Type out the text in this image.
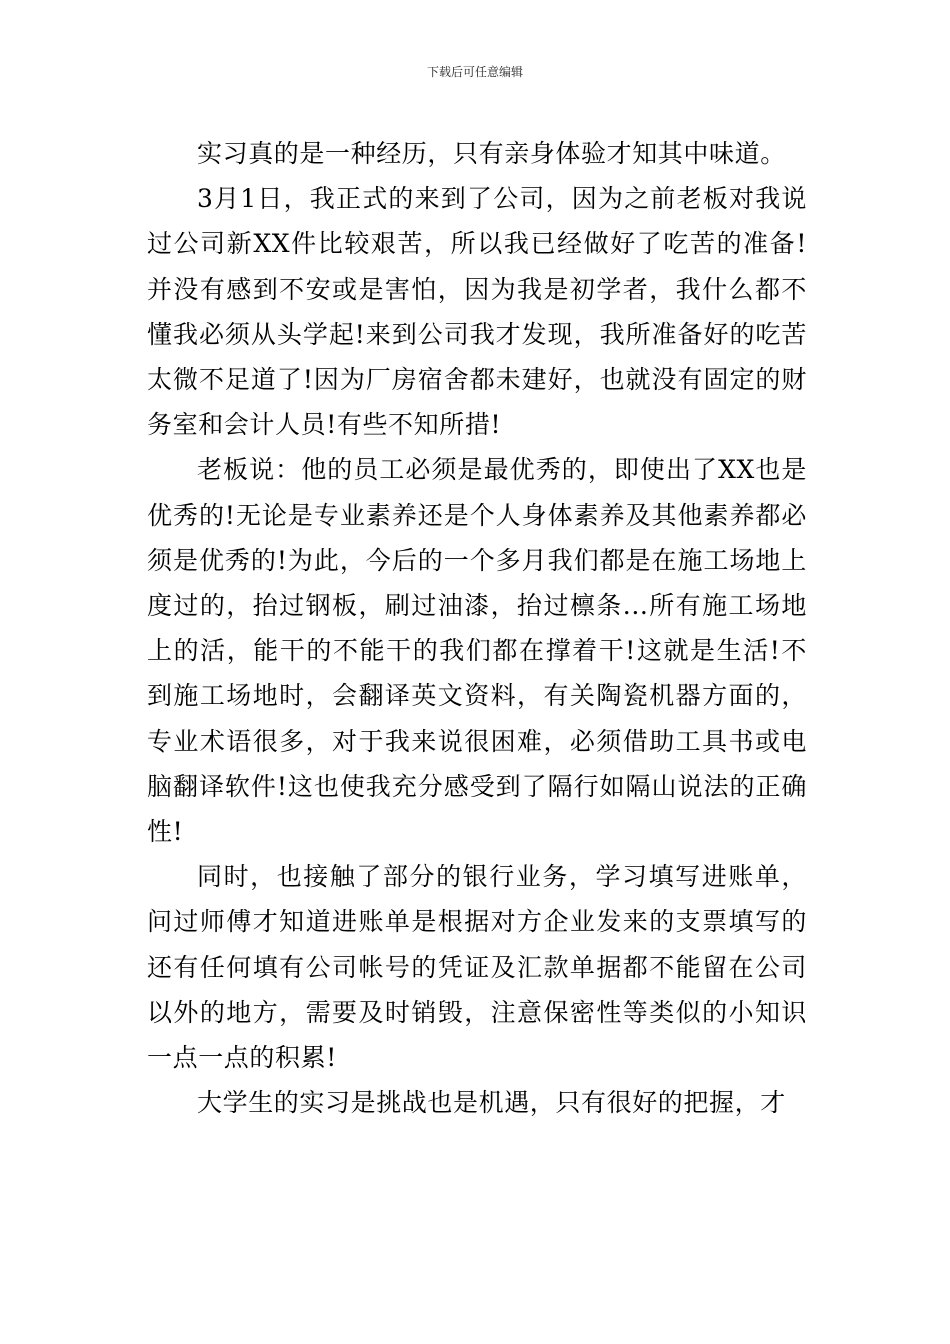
下载后可任意编辑

实习真的是一种经历，只有亲身体验才知其中味道。

3月1日，我正式的来到了公司，因为之前老板对我说过公司新XX件比较艰苦，所以我已经做好了吃苦的准备!并没有感到不安或是害怕，因为我是初学者，我什么都不懂我必须从头学起!来到公司我才发现，我所准备好的吃苦太微不足道了!因为厂房宿舍都未建好，也就没有固定的财务室和会计人员!有些不知所措!

老板说：他的员工必须是最优秀的，即使出了XX也是优秀的!无论是专业素养还是个人身体素养及其他素养都必须是优秀的!为此，今后的一个多月我们都是在施工场地上度过的，抬过钢板，刷过油漆，抬过檩条...所有施工场地上的活，能干的不能干的我们都在撑着干!这就是生活!不到施工场地时，会翻译英文资料，有关陶瓷机器方面的，专业术语很多，对于我来说很困难，必须借助工具书或电脑翻译软件!这也使我充分感受到了隔行如隔山说法的正确性!

同时，也接触了部分的银行业务，学习填写进账单，问过师傅才知道进账单是根据对方企业发来的支票填写的还有任何填有公司帐号的凭证及汇款单据都不能留在公司以外的地方，需要及时销毁，注意保密性等类似的小知识一点一点的积累!

大学生的实习是挑战也是机遇，只有很好的把握，才
